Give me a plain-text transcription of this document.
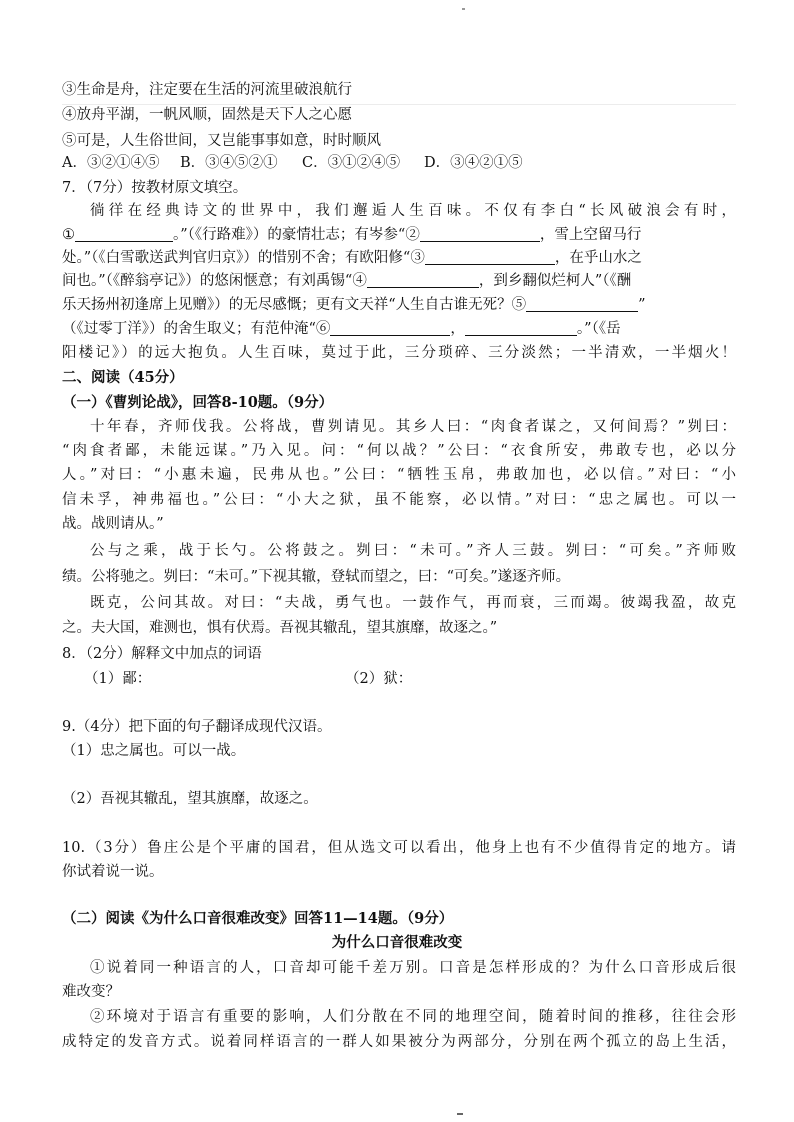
③生命是舟，注定要在生活的河流里破浪航行
④放舟平湖，一帆风顺，固然是天下人之心愿
⑤可是，人生俗世间，又岂能事事如意，时时顺风
A．③②①④⑤ B．③④⑤②① C．③①②④⑤ D．③④②①⑤
7．（7分）按教材原文填空。
徜徉在经典诗文的世界中，我们邂逅人生百味。不仅有李白“长风破浪会有时，
①	。”（《行路难》）的豪情壮志；有岑参“②	，雪上空留马行
处。”（《白雪歌送武判官归京》）的惜别不舍；有欧阳修“③	，在乎山水之
间也。”（《醉翁亭记》）的悠闲惬意；有刘禹锡“④	，到乡翻似烂柯人”（《酬
乐天扬州初逢席上见赠》）的无尽感慨；更有文天祥“人生自古谁无死？⑤	”
（《过零丁洋》）的舍生取义；有范仲淹“⑥	，	。”（《岳
阳楼记》）的远大抱负。人生百味，莫过于此，三分琐碎、三分淡然；一半清欢，一半烟火！
二、阅读（45分）
（一）《曹刿论战》，回答8-10题。（9分）
十年春，齐师伐我。公将战，曹刿请见。其乡人曰：“肉食者谋之，又何间焉？”刿曰：
“肉食者鄙，未能远谋。”乃入见。问：“何以战？”公曰：“衣食所安，弗敢专也，必以分
人。”对曰：“小惠未遍，民弗从也。”公曰：“牺牲玉帛，弗敢加也，必以信。”对曰：“小
信未孚，神弗福也。”公曰：“小大之狱，虽不能察，必以情。”对曰：“忠之属也。可以一
战。战则请从。”
公与之乘，战于长勺。公将鼓之。刿曰：“未可。”齐人三鼓。刿曰：“可矣。”齐师败
绩。公将驰之。刿曰：“未可。”下视其辙，登轼而望之，曰：“可矣。”遂逐齐师。
既克，公问其故。对曰：“夫战，勇气也。一鼓作气，再而衰，三而竭。彼竭我盈，故克
之。夫大国，难测也，惧有伏焉。吾视其辙乱，望其旗靡，故逐之。”
8．（2分）解释文中加点的词语
（1）鄙：	（2）狱：
9.（4分）把下面的句子翻译成现代汉语。
（1）忠之属也。可以一战。
（2）吾视其辙乱，望其旗靡，故逐之。
10.（3分）鲁庄公是个平庸的国君，但从选文可以看出，他身上也有不少值得肯定的地方。请
你试着说一说。
（二）阅读《为什么口音很难改变》回答11—14题。（9分）
为什么口音很难改变
①说着同一种语言的人，口音却可能千差万别。口音是怎样形成的？为什么口音形成后很
难改变？
②环境对于语言有重要的影响，人们分散在不同的地理空间，随着时间的推移，往往会形
成特定的发音方式。说着同样语言的一群人如果被分为两部分，分别在两个孤立的岛上生活，
